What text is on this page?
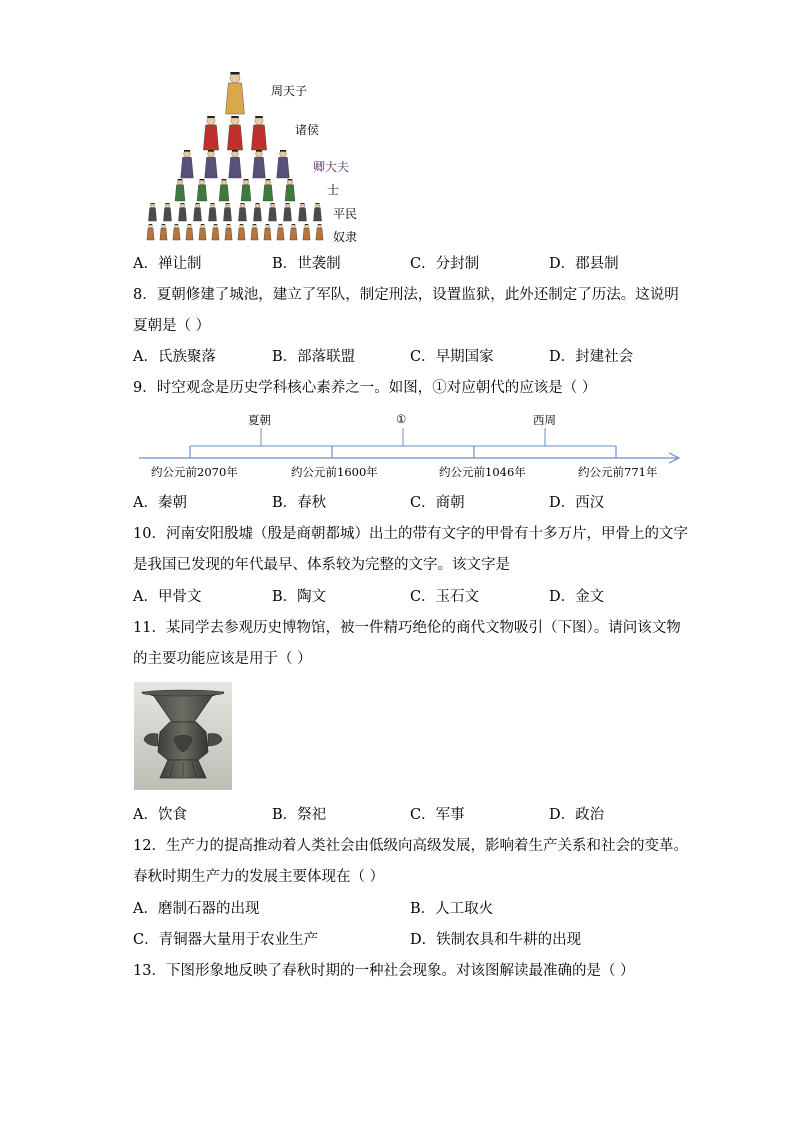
周天子
诸侯
卿大夫
士
平民
奴隶
A．禅让制	B．世袭制	C．分封制	D．郡县制
8．夏朝修建了城池，建立了军队，制定刑法，设置监狱，此外还制定了历法。这说明
夏朝是（ ）
A．氏族聚落	B．部落联盟	C．早期国家	D．封建社会
9．时空观念是历史学科核心素养之一。如图，①对应朝代的应该是（ ）
夏朝	①	西周
约公元前2070年	约公元前1600年	约公元前1046年	约公元前771年
A．秦朝	B．春秋	C．商朝	D．西汉
10．河南安阳殷墟（殷是商朝都城）出土的带有文字的甲骨有十多万片，甲骨上的文字
是我国已发现的年代最早、体系较为完整的文字。该文字是
A．甲骨文	B．陶文	C．玉石文	D．金文
11．某同学去参观历史博物馆，被一件精巧绝伦的商代文物吸引（下图）。请问该文物
的主要功能应该是用于（ ）
A．饮食	B．祭祀	C．军事	D．政治
12．生产力的提高推动着人类社会由低级向高级发展，影响着生产关系和社会的变革。
春秋时期生产力的发展主要体现在（ ）
A．磨制石器的出现	B．人工取火
C．青铜器大量用于农业生产	D．铁制农具和牛耕的出现
13．下图形象地反映了春秋时期的一种社会现象。对该图解读最准确的是（ ）
